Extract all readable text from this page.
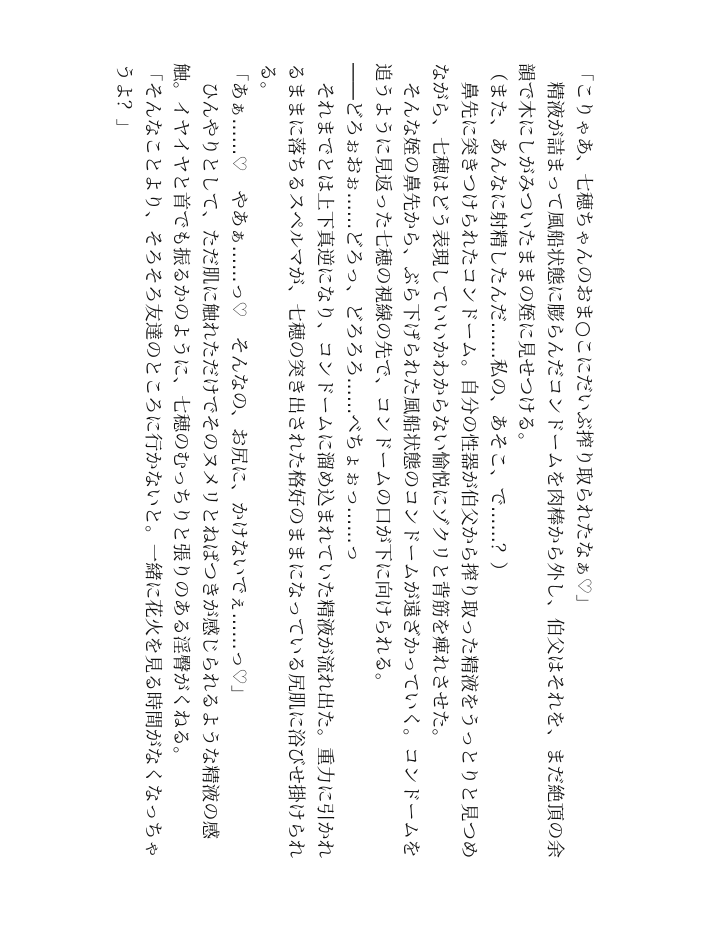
「こりゃあ、七穂ちゃんのおま○こにだいぶ搾り取られたなぁ♡」
　精液が詰まって風船状態に膨らんだコンドームを肉棒から外し、伯父はそれを、まだ絶頂の余
韻で木にしがみついたままの姪に見せつける。
（また、あんなに射精したんだ……私の、あそこ、で……？）
　鼻先に突きつけられたコンドーム。自分の性器が伯父から搾り取った精液をうっとりと見つめ
ながら、七穂はどう表現していいかわからない愉悦にゾクリと背筋を痺れさせた。
　そんな姪の鼻先から、ぶら下げられた風船状態のコンドームが遠ざかっていく。コンドームを
追うように見返った七穂の視線の先で、コンドームの口が下に向けられる。
――どろぉおぉ……どろっ、どろろろ……べちょぉっ……っ
　それまでとは上下真逆になり、コンドームに溜め込まれていた精液が流れ出た。重力に引かれ
るままに落ちるスペルマが、七穂の突き出された格好のままになっている尻肌に浴びせ掛けられ
る。
「あぁ……♡　やあぁ……っ♡　そんなの、お尻に、かけないでぇ……っ♡」
　ひんやりとして、ただ肌に触れただけでそのヌメリとねばつきが感じられるような精液の感
触。イヤイヤと首でも振るかのように、七穂のむっちりと張りのある淫臀がくねる。
「そんなことより、そろそろ友達のところに行かないと。一緒に花火を見る時間がなくなっちゃ
うよ？」
